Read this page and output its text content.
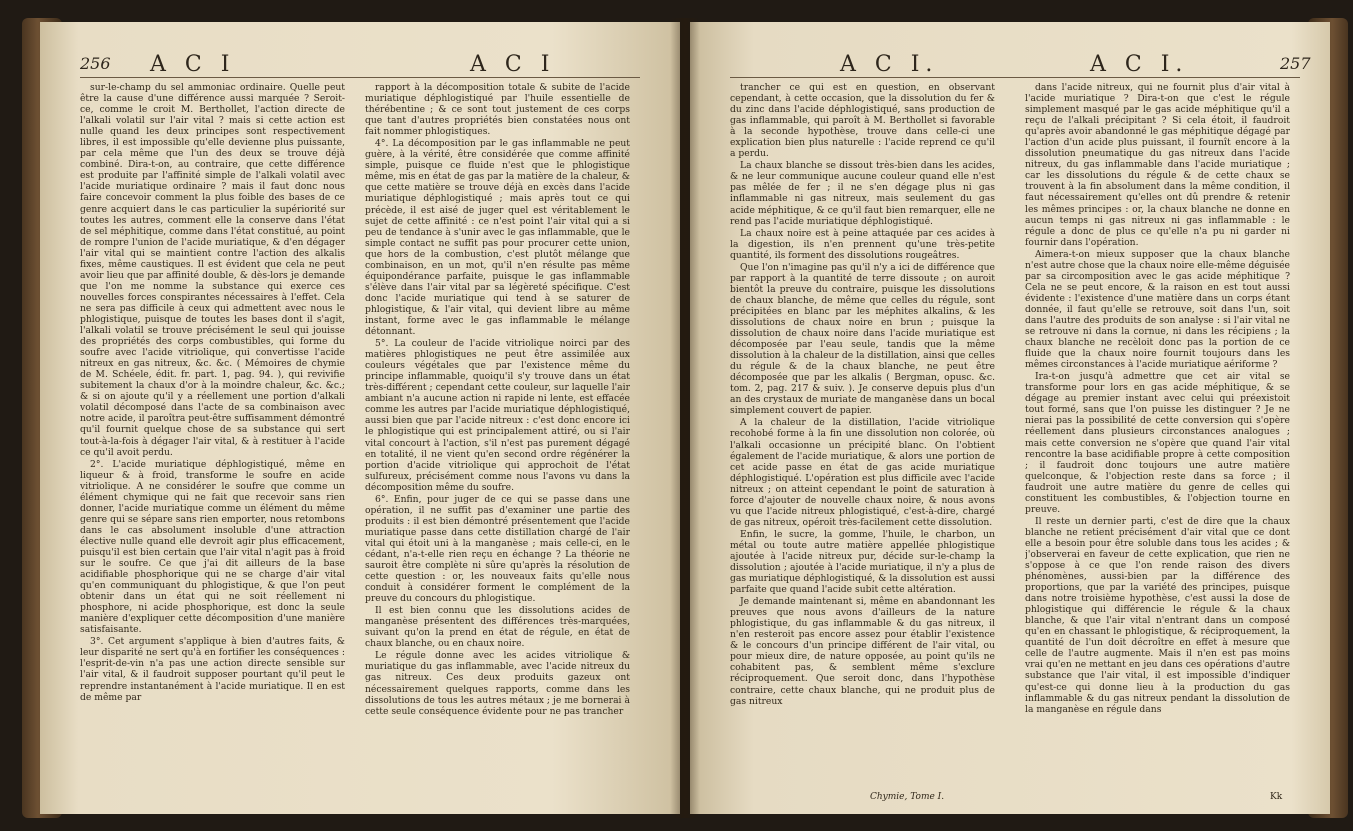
256 A C I	A C I

sur-le-champ du sel ammoniac ordinaire. Quelle peut être la cause d'une différence aussi marquée ? Seroit-ce, comme le croit M. Berthollet, l'action directe de l'alkali volatil sur l'air vital ? mais si cette action est nulle quand les deux principes sont respectivement libres, il est impossible qu'elle devienne plus puissante, par cela même que l'un des deux se trouve déjà combiné. Dira-t-on, au contraire, que cette différence est produite par l'affinité simple de l'alkali volatil avec l'acide muriatique ordinaire ? mais il faut donc nous faire concevoir comment la plus foible des bases de ce genre acquiert dans le cas particulier la supériorité sur toutes les autres, comment elle la conserve dans l'état de sel méphitique, comme dans l'état constitué, au point de rompre l'union de l'acide muriatique, & d'en dégager l'air vital qui se maintient contre l'action des alkalis fixes, même caustiques. Il est évident que cela ne peut avoir lieu que par affinité double, & dès-lors je demande que l'on me nomme la substance qui exerce ces nouvelles forces conspirantes nécessaires à l'effet. Cela ne sera pas difficile à ceux qui admettent avec nous le phlogistique, puisque de toutes les bases dont il s'agit, l'alkali volatil se trouve précisément le seul qui jouisse des propriétés des corps combustibles, qui forme du soufre avec l'acide vitriolique, qui convertisse l'acide nitreux en gas nitreux, &c. &c. ( Mémoires de chymie de M. Schéele, édit. fr. part. 1, pag. 94. ), qui revivifie subitement la chaux d'or à la moindre chaleur, &c. &c.; & si on ajoute qu'il y a réellement une portion d'alkali volatil décomposé dans l'acte de sa combinaison avec notre acide, il paroîtra peut-être suffisamment démontré qu'il fournit quelque chose de sa substance qui sert tout-à-la-fois à dégager l'air vital, & à restituer à l'acide ce qu'il avoit perdu.

2°. L'acide muriatique déphlogistiqué, même en liqueur & à froid, transforme le soufre en acide vitriolique. A ne considérer le soufre que comme un élément chymique qui ne fait que recevoir sans rien donner, l'acide muriatique comme un élément du même genre qui se sépare sans rien emporter, nous retombons dans le cas absolument insoluble d'une attraction élective nulle quand elle devroit agir plus efficacement, puisqu'il est bien certain que l'air vital n'agit pas à froid sur le soufre. Ce que j'ai dit ailleurs de la base acidifiable phosphorique qui ne se charge d'air vital qu'en communiquant du phlogistique, & que l'on peut obtenir dans un état qui ne soit réellement ni phosphore, ni acide phosphorique, est donc la seule manière d'expliquer cette décomposition d'une manière satisfaisante.

3°. Cet argument s'applique à bien d'autres faits, & leur disparité ne sert qu'à en fortifier les conséquences : l'esprit-de-vin n'a pas une action directe sensible sur l'air vital, & il faudroit supposer pourtant qu'il peut le reprendre instantanément à l'acide muriatique. Il en est de même par

rapport à la décomposition totale & subite de l'acide muriatique déphlogistiqué par l'huile essentielle de thérébentine ; & ce sont tout justement de ces corps que tant d'autres propriétés bien constatées nous ont fait nommer phlogistiques.

4°. La décomposition par le gas inflammable ne peut guère, à la vérité, être considérée que comme affinité simple, puisque ce fluide n'est que le phlogistique même, mis en état de gas par la matière de la chaleur, & que cette matière se trouve déjà en excès dans l'acide muriatique déphlogistiqué ; mais après tout ce qui précède, il est aisé de juger quel est véritablement le sujet de cette affinité : ce n'est point l'air vital qui a si peu de tendance à s'unir avec le gas inflammable, que le simple contact ne suffit pas pour procurer cette union, que hors de la combustion, c'est plutôt mélange que combinaison, en un mot, qu'il n'en résulte pas même équipondérance parfaite, puisque le gas inflammable s'élève dans l'air vital par sa légèreté spécifique. C'est donc l'acide muriatique qui tend à se saturer de phlogistique, & l'air vital, qui devient libre au même instant, forme avec le gas inflammable le mélange détonnant.

5°. La couleur de l'acide vitriolique noirci par des matières phlogistiques ne peut être assimilée aux couleurs végétales que par l'existence même du principe inflammable, quoiqu'il s'y trouve dans un état très-différent ; cependant cette couleur, sur laquelle l'air ambiant n'a aucune action ni rapide ni lente, est effacée comme les autres par l'acide muriatique déphlogistiqué, aussi bien que par l'acide nitreux : c'est donc encore ici le phlogistique qui est principalement attiré, ou si l'air vital concourt à l'action, s'il n'est pas purement dégagé en totalité, il ne vient qu'en second ordre régénérer la portion d'acide vitriolique qui approchoit de l'état sulfureux, précisément comme nous l'avons vu dans la décomposition même du soufre.

6°. Enfin, pour juger de ce qui se passe dans une opération, il ne suffit pas d'examiner une partie des produits : il est bien démontré présentement que l'acide muriatique passe dans cette distillation chargé de l'air vital qui étoit uni à la manganèse ; mais celle-ci, en le cédant, n'a-t-elle rien reçu en échange ? La théorie ne sauroit être complète ni sûre qu'après la résolution de cette question : or, les nouveaux faits qu'elle nous conduit à considérer forment le complément de la preuve du concours du phlogistique.

Il est bien connu que les dissolutions acides de manganèse présentent des différences très-marquées, suivant qu'on la prend en état de régule, en état de chaux blanche, ou en chaux noire.

Le régule donne avec les acides vitriolique & muriatique du gas inflammable, avec l'acide nitreux du gas nitreux. Ces deux produits gazeux ont nécessairement quelques rapports, comme dans les dissolutions de tous les autres métaux ; je me bornerai à cette seule conséquence évidente pour ne pas trancher

A C I.	A C I.	257

trancher ce qui est en question, en observant cependant, à cette occasion, que la dissolution du fer & du zinc dans l'acide déphlogistiqué, sans production de gas inflammable, qui paroît à M. Berthollet si favorable à la seconde hypothèse, trouve dans celle-ci une explication bien plus naturelle : l'acide reprend ce qu'il a perdu.

La chaux blanche se dissout très-bien dans les acides, & ne leur communique aucune couleur quand elle n'est pas mêlée de fer ; il ne s'en dégage plus ni gas inflammable ni gas nitreux, mais seulement du gas acide méphitique, & ce qu'il faut bien remarquer, elle ne rend pas l'acide muriatique déphlogistiqué.

La chaux noire est à peine attaquée par ces acides à la digestion, ils n'en prennent qu'une très-petite quantité, ils forment des dissolutions rougeâtres.

Que l'on n'imagine pas qu'il n'y a ici de différence que par rapport à la quantité de terre dissoute ; on auroit bientôt la preuve du contraire, puisque les dissolutions de chaux blanche, de même que celles du régule, sont précipitées en blanc par les méphites alkalins, & les dissolutions de chaux noire en brun ; puisque la dissolution de chaux noire dans l'acide muriatique est décomposée par l'eau seule, tandis que la même dissolution à la chaleur de la distillation, ainsi que celles du régule & de la chaux blanche, ne peut être décomposée que par les alkalis ( Bergman, opusc. &c. tom. 2, pag. 217 & suiv. ). Je conserve depuis plus d'un an des crystaux de muriate de manganèse dans un bocal simplement couvert de papier.

A la chaleur de la distillation, l'acide vitriolique recohobé forme à la fin une dissolution non colorée, où l'alkali occasionne un précipité blanc. On l'obtient également de l'acide muriatique, & alors une portion de cet acide passe en état de gas acide muriatique déphlogistiqué. L'opération est plus difficile avec l'acide nitreux ; on atteint cependant le point de saturation à force d'ajouter de nouvelle chaux noire, & nous avons vu que l'acide nitreux phlogistiqué, c'est-à-dire, chargé de gas nitreux, opéroit très-facilement cette dissolution.

Enfin, le sucre, la gomme, l'huile, le charbon, un métal ou toute autre matière appellée phlogistique ajoutée à l'acide nitreux pur, décide sur-le-champ la dissolution ; ajoutée à l'acide muriatique, il n'y a plus de gas muriatique déphlogistiqué, & la dissolution est aussi parfaite que quand l'acide subit cette altération.

Je demande maintenant si, même en abandonnant les preuves que nous avons d'ailleurs de la nature phlogistique, du gas inflammable & du gas nitreux, il n'en resteroit pas encore assez pour établir l'existence & le concours d'un principe différent de l'air vital, ou pour mieux dire, de nature opposée, au point qu'ils ne cohabitent pas, & semblent même s'exclure réciproquement. Que seroit donc, dans l'hypothèse contraire, cette chaux blanche, qui ne produit plus de gas nitreux

dans l'acide nitreux, qui ne fournit plus d'air vital à l'acide muriatique ? Dira-t-on que c'est le régule simplement masqué par le gas acide méphitique qu'il a reçu de l'alkali précipitant ? Si cela étoit, il faudroit qu'après avoir abandonné le gas méphitique dégagé par l'action d'un acide plus puissant, il fournît encore à la dissolution pneumatique du gas nitreux dans l'acide nitreux, du gas inflammable dans l'acide muriatique ; car les dissolutions du régule & de cette chaux se trouvent à la fin absolument dans la même condition, il faut nécessairement qu'elles ont dû prendre & retenir les mêmes principes : or, la chaux blanche ne donne en aucun temps ni gas nitreux ni gas inflammable : le régule a donc de plus ce qu'elle n'a pu ni garder ni fournir dans l'opération.

Aimera-t-on mieux supposer que la chaux blanche n'est autre chose que la chaux noire elle-même déguisée par sa circomposition avec le gas acide méphitique ? Cela ne se peut encore, & la raison en est tout aussi évidente : l'existence d'une matière dans un corps étant donnée, il faut qu'elle se retrouve, soit dans l'un, soit dans l'autre des produits de son analyse : si l'air vital ne se retrouve ni dans la cornue, ni dans les récipiens ; la chaux blanche ne recèloit donc pas la portion de ce fluide que la chaux noire fournit toujours dans les mêmes circonstances à l'acide muriatique aériforme ?

Ira-t-on jusqu'à admettre que cet air vital se transforme pour lors en gas acide méphitique, & se dégage au premier instant avec celui qui préexistoit tout formé, sans que l'on puisse les distinguer ? Je ne nierai pas la possibilité de cette conversion qui s'opère réellement dans plusieurs circonstances analogues ; mais cette conversion ne s'opère que quand l'air vital rencontre la base acidifiable propre à cette composition ; il faudroit donc toujours une autre matière quelconque, & l'objection reste dans sa force ; il faudroit une autre matière du genre de celles qui constituent les combustibles, & l'objection tourne en preuve.

Il reste un dernier parti, c'est de dire que la chaux blanche ne retient précisément d'air vital que ce dont elle a besoin pour être soluble dans tous les acides ; & j'observerai en faveur de cette explication, que rien ne s'oppose à ce que l'on rende raison des divers phénomènes, aussi-bien par la différence des proportions, que par la variété des principes, puisque dans notre troisième hypothèse, c'est aussi la dose de phlogistique qui différencie le régule & la chaux blanche, & que l'air vital n'entrant dans un composé qu'en en chassant le phlogistique, & réciproquement, la quantité de l'un doit décroître en effet à mesure que celle de l'autre augmente. Mais il n'en est pas moins vrai qu'en ne mettant en jeu dans ces opérations d'autre substance que l'air vital, il est impossible d'indiquer qu'est-ce qui donne lieu à la production du gas inflammable & du gas nitreux pendant la dissolution de la manganèse en régule dans

Chymie, Tome I.	Kk
